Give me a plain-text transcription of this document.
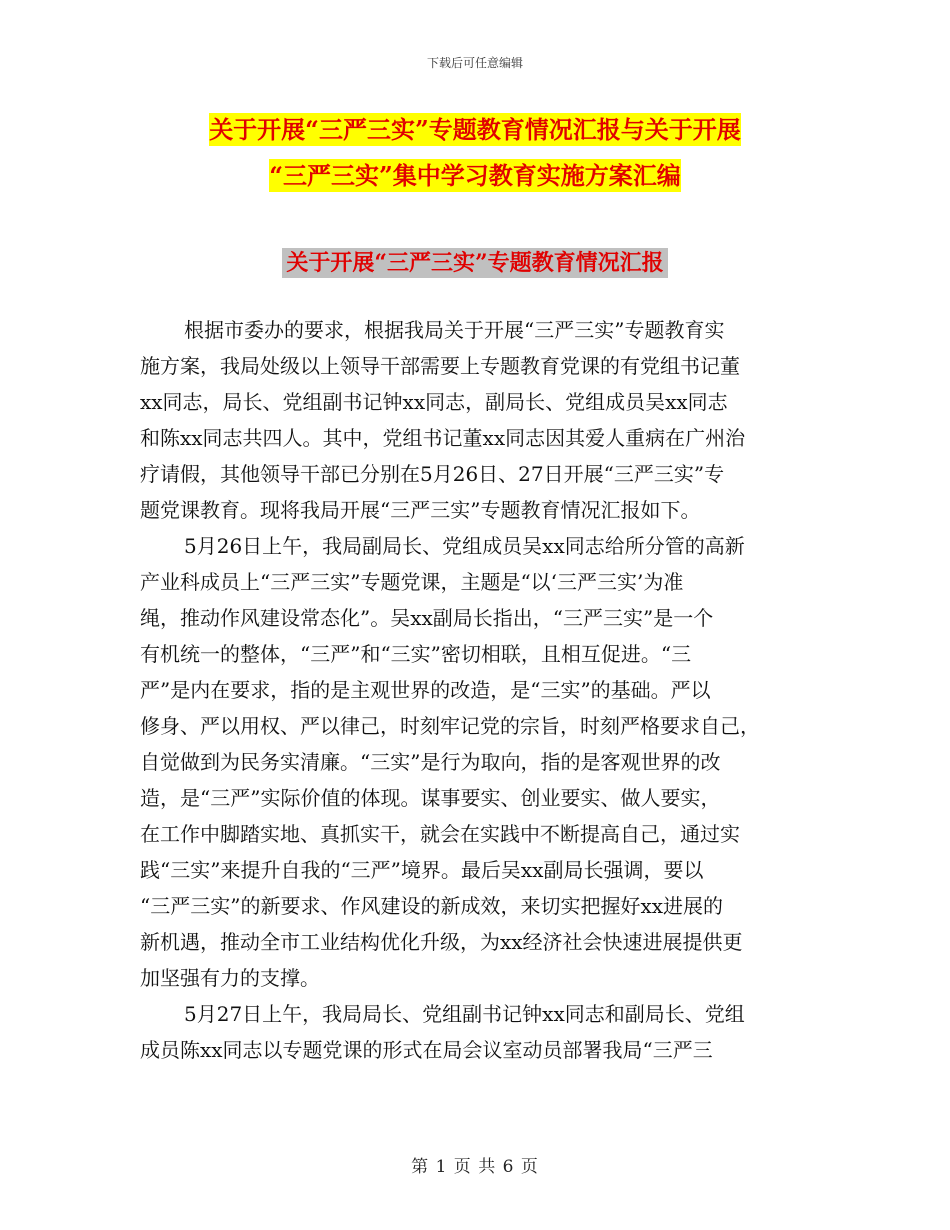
下载后可任意编辑
关于开展“三严三实”专题教育情况汇报与关于开展
“三严三实”集中学习教育实施方案汇编
关于开展“三严三实”专题教育情况汇报

根据市委办的要求，根据我局关于开展“三严三实”专题教育实
施方案，我局处级以上领导干部需要上专题教育党课的有党组书记董
xx同志，局长、党组副书记钟xx同志，副局长、党组成员吴xx同志
和陈xx同志共四人。其中，党组书记董xx同志因其爱人重病在广州治
疗请假，其他领导干部已分别在5月26日、27日开展“三严三实”专
题党课教育。现将我局开展“三严三实”专题教育情况汇报如下。

5月26日上午，我局副局长、党组成员吴xx同志给所分管的高新
产业科成员上“三严三实”专题党课，主题是“以‘三严三实’为准
绳，推动作风建设常态化”。吴xx副局长指出，“三严三实”是一个
有机统一的整体，“三严”和“三实”密切相联，且相互促进。“三
严”是内在要求，指的是主观世界的改造，是“三实”的基础。严以
修身、严以用权、严以律己，时刻牢记党的宗旨，时刻严格要求自己，
自觉做到为民务实清廉。“三实”是行为取向，指的是客观世界的改
造，是“三严”实际价值的体现。谋事要实、创业要实、做人要实，
在工作中脚踏实地、真抓实干，就会在实践中不断提高自己，通过实
践“三实”来提升自我的“三严”境界。最后吴xx副局长强调，要以
“三严三实”的新要求、作风建设的新成效，来切实把握好xx进展的
新机遇，推动全市工业结构优化升级，为xx经济社会快速进展提供更
加坚强有力的支撑。

5月27日上午，我局局长、党组副书记钟xx同志和副局长、党组
成员陈xx同志以专题党课的形式在局会议室动员部署我局“三严三

第 1 页 共 6 页
